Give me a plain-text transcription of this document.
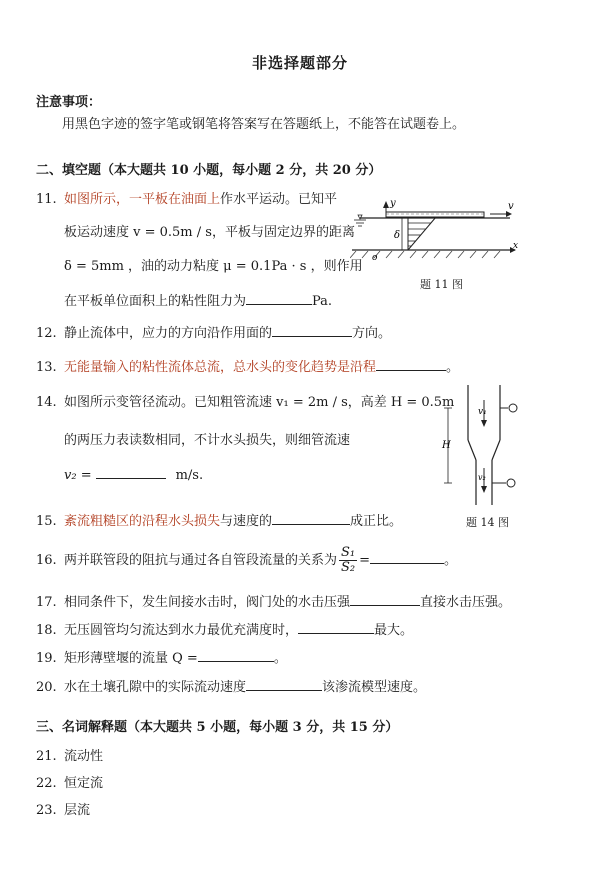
非选择题部分
注意事项：
用黑色字迹的签字笔或钢笔将答案写在答题纸上，不能答在试题卷上。
二、填空题（本大题共 10 小题，每小题 2 分，共 20 分）
11. 如图所示，一平板在油面上作水平运动。已知平
板运动速度 v = 0.5m / s，平板与固定边界的距离
δ = 5mm ，油的动力粘度 μ = 0.1Pa · s ，则作用
在平板单位面积上的粘性阻力为	Pa.
y	v
δ
o
x
题 11 图
12. 静止流体中，应力的方向沿作用面的	方向。
13. 无能量输入的粘性流体总流，总水头的变化趋势是沿程	。
14. 如图所示变管径流动。已知粗管流速 v₁ = 2m / s，高差 H = 0.5m
的两压力表读数相同，不计水头损失，则细管流速
v₂ =	m/s.
v₁
H
v₂
题 14 图
15. 紊流粗糙区的沿程水头损失与速度的	成正比。
16. 两并联管段的阻抗与通过各自管段流量的关系为 $\frac{\text{S₁}}{\text{S₂}}$ =	。
17. 相同条件下，发生间接水击时，阀门处的水击压强	直接水击压强。
18. 无压圆管均匀流达到水力最优充满度时，	最大。
19. 矩形薄壁堰的流量 Q =	。
20. 水在土壤孔隙中的实际流动速度	该渗流模型速度。
三、名词解释题（本大题共 5 小题，每小题 3 分，共 15 分）
21. 流动性
22. 恒定流
23. 层流
